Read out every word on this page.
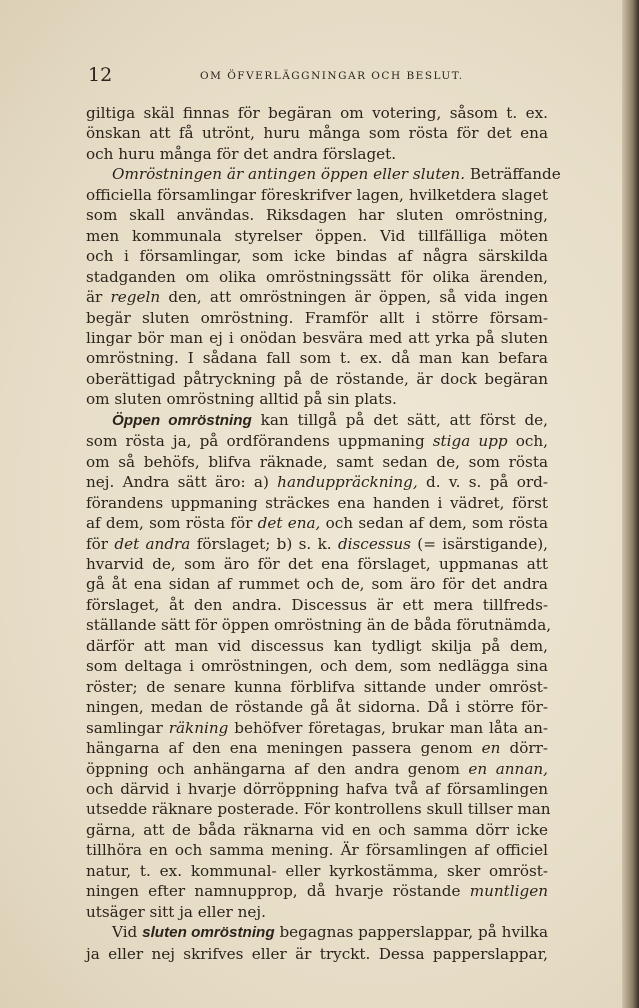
12	OM ÖFVERLÄGGNINGAR OCH BESLUT.
giltiga skäl finnas för begäran om votering, såsom t. ex.
önskan att få utrönt, huru många som rösta för det ena
och huru många för det andra förslaget.
Omröstningen är antingen öppen eller sluten. Beträffande
officiella församlingar föreskrifver lagen, hvilketdera slaget
som skall användas. Riksdagen har sluten omröstning,
men kommunala styrelser öppen. Vid tillfälliga möten
och i församlingar, som icke bindas af några särskilda
stadganden om olika omröstningssätt för olika ärenden,
är regeln den, att omröstningen är öppen, så vida ingen
begär sluten omröstning. Framför allt i större försam-
lingar bör man ej i onödan besvära med att yrka på sluten
omröstning. I sådana fall som t. ex. då man kan befara
oberättigad påtryckning på de röstande, är dock begäran
om sluten omröstning alltid på sin plats.
Öppen omröstning kan tillgå på det sätt, att först de,
som rösta ja, på ordförandens uppmaning stiga upp och,
om så behöfs, blifva räknade, samt sedan de, som rösta
nej. Andra sätt äro: a) handuppräckning, d. v. s. på ord-
förandens uppmaning sträckes ena handen i vädret, först
af dem, som rösta för det ena, och sedan af dem, som rösta
för det andra förslaget; b) s. k. discessus (= isärstigande),
hvarvid de, som äro för det ena förslaget, uppmanas att
gå åt ena sidan af rummet och de, som äro för det andra
förslaget, åt den andra. Discessus är ett mera tillfreds-
ställande sätt för öppen omröstning än de båda förutnämda,
därför att man vid discessus kan tydligt skilja på dem,
som deltaga i omröstningen, och dem, som nedlägga sina
röster; de senare kunna förblifva sittande under omröst-
ningen, medan de röstande gå åt sidorna. Då i större för-
samlingar räkning behöfver företagas, brukar man låta an-
hängarna af den ena meningen passera genom en dörr-
öppning och anhängarna af den andra genom en annan,
och därvid i hvarje dörröppning hafva två af församlingen
utsedde räknare posterade. För kontrollens skull tillser man
gärna, att de båda räknarna vid en och samma dörr icke
tillhöra en och samma mening. Är församlingen af officiel
natur, t. ex. kommunal- eller kyrkostämma, sker omröst-
ningen efter namnupprop, då hvarje röstande muntligen
utsäger sitt ja eller nej.
Vid sluten omröstning begagnas papperslappar, på hvilka
ja eller nej skrifves eller är tryckt. Dessa papperslappar,
